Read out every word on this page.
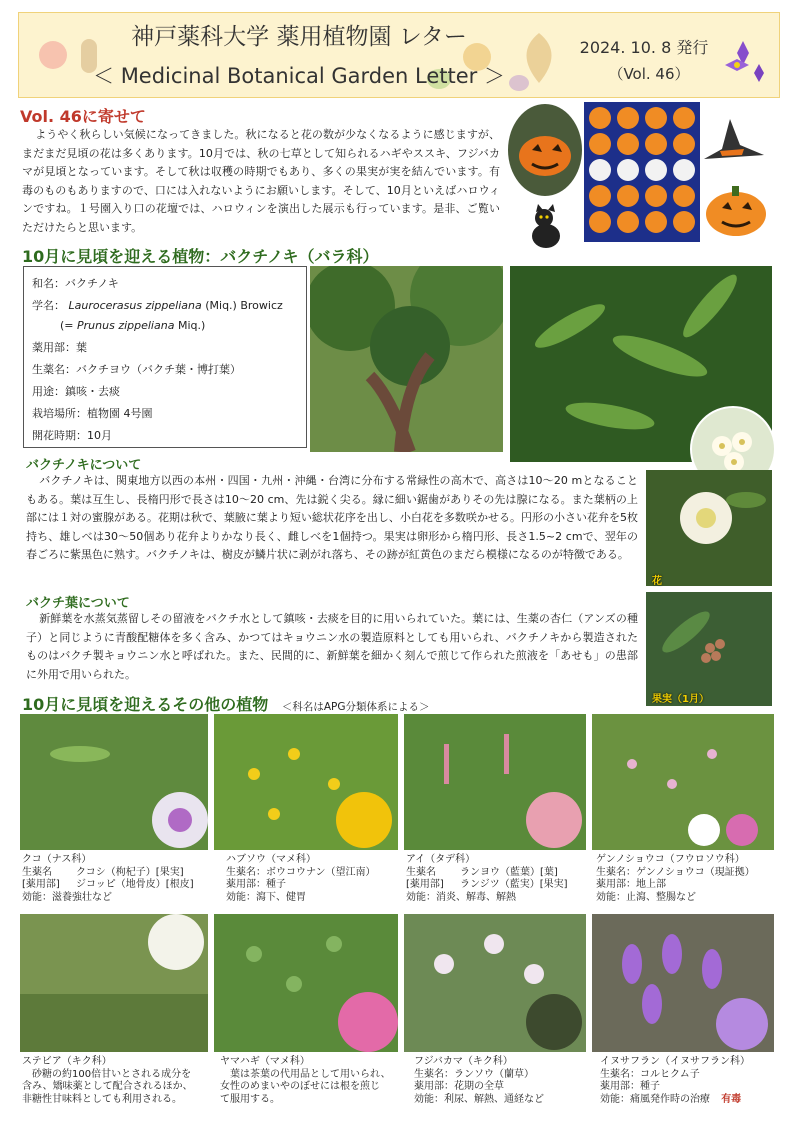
神戸薬科大学 薬用植物園 レター
＜ Medicinal Botanical Garden Letter ＞
2024. 10. 8 発行
（Vol. 46）
Vol. 46に寄せて
ようやく秋らしい気候になってきました。秋になると花の数が少なくなるように感じますが、まだまだ見頃の花は多くあります。10月では、秋の七草として知られるハギやススキ、フジバカマが見頃となっています。そして秋は収穫の時期でもあり、多くの果実が実を結んでいます。有毒のものもありますので、口には入れないようにお願いします。そして、10月といえばハロウィンですね。１号園入り口の花壇では、ハロウィンを演出した展示も行っています。是非、ご覧いただけたらと思います。
10月に見頃を迎える植物：バクチノキ（バラ科）
和名：バクチノキ
学名： Laurocerasus zippeliana (Miq.) Browicz
(= Prunus zippeliana Miq.)
薬用部：葉
生薬名：バクチヨウ（バクチ葉・博打葉）
用途：鎮咳・去痰
栽培場所：植物園 4号園
開花時期：10月
バクチノキについて
バクチノキは、関東地方以西の本州・四国・九州・沖縄・台湾に分布する常緑性の高木で、高さは10～20 mとなることもある。葉は互生し、長楕円形で長さは10～20 cm、先は鋭く尖る。縁に細い鋸歯がありその先は腺になる。また葉柄の上部には１対の蜜腺がある。花期は秋で、葉腋に葉より短い総状花序を出し、小白花を多数咲かせる。円形の小さい花弁を5枚持ち、雄しべは30～50個あり花弁よりかなり長く、雌しべを1個持つ。果実は卵形から楕円形、長さ1.5~2 cmで、翌年の春ごろに紫黒色に熟す。バクチノキは、樹皮が鱗片状に剥がれ落ち、その跡が紅黄色のまだら模様になるのが特徴である。
花
バクチ葉について
新鮮葉を水蒸気蒸留しその留液をバクチ水として鎮咳・去痰を目的に用いられていた。葉には、生薬の杏仁（アンズの種子）と同じように青酸配糖体を多く含み、かつてはキョウニン水の製造原料としても用いられ、バクチノキから製造されたものはバクチ製キョウニン水と呼ばれた。また、民間的に、新鮮葉を細かく刻んで煎じて作られた煎液を「あせも」の患部に外用で用いられた。
果実（1月）
10月に見頃を迎えるその他の植物 ＜科名はAPG分類体系による＞
クコ（ナス科）
生薬名
[薬用部]
クコシ（枸杞子）[果実]
ジコッピ（地骨皮）[根皮]
効能：滋養強壮など
ハブソウ（マメ科）
生薬名：ボウコウナン（望江南）
薬用部：種子
効能：瀉下、健胃
アイ（タデ科）
生薬名
[薬用部]
ランヨウ（藍葉）[葉]
ランジツ（藍実）[果実]
効能：消炎、解毒、解熱
ゲンノショウコ（フウロソウ科）
生薬名：ゲンノショウコ（現証拠）
薬用部：地上部
効能：止瀉、整腸など
ステビア（キク科）
　砂糖の約100倍甘いとされる成分を
含み、矯味薬として配合されるほか、
非糖性甘味料としても利用される。
ヤマハギ（マメ科）
　葉は茶葉の代用品として用いられ、
女性のめまいやのぼせには根を煎じ
て服用する。
フジバカマ（キク科）
生薬名：ランソウ（蘭草）
薬用部：花期の全草
効能：利尿、解熱、通経など
イヌサフラン（イヌサフラン科）
生薬名：コルヒクム子
薬用部：種子
効能：痛風発作時の治療 有毒
